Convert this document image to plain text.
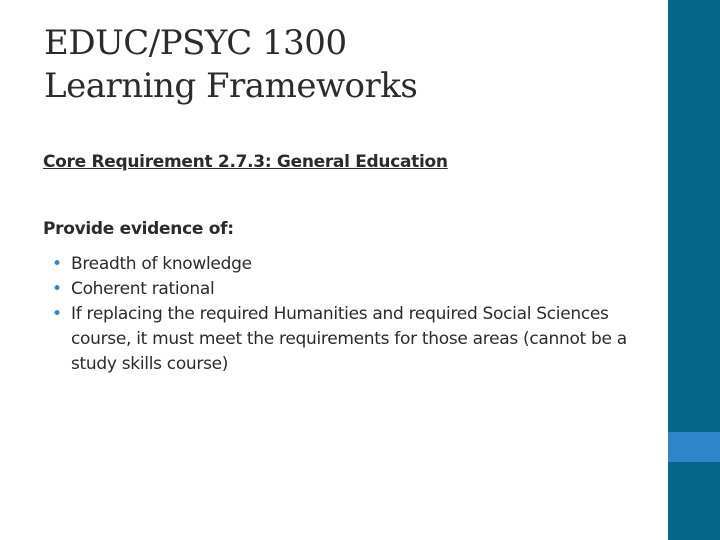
EDUC/PSYC 1300
Learning Frameworks
Core Requirement 2.7.3: General Education
Provide evidence of:
• Breadth of knowledge
• Coherent rational
• If replacing the required Humanities and required Social Sciences course, it must meet the requirements for those areas (cannot be a study skills course)
